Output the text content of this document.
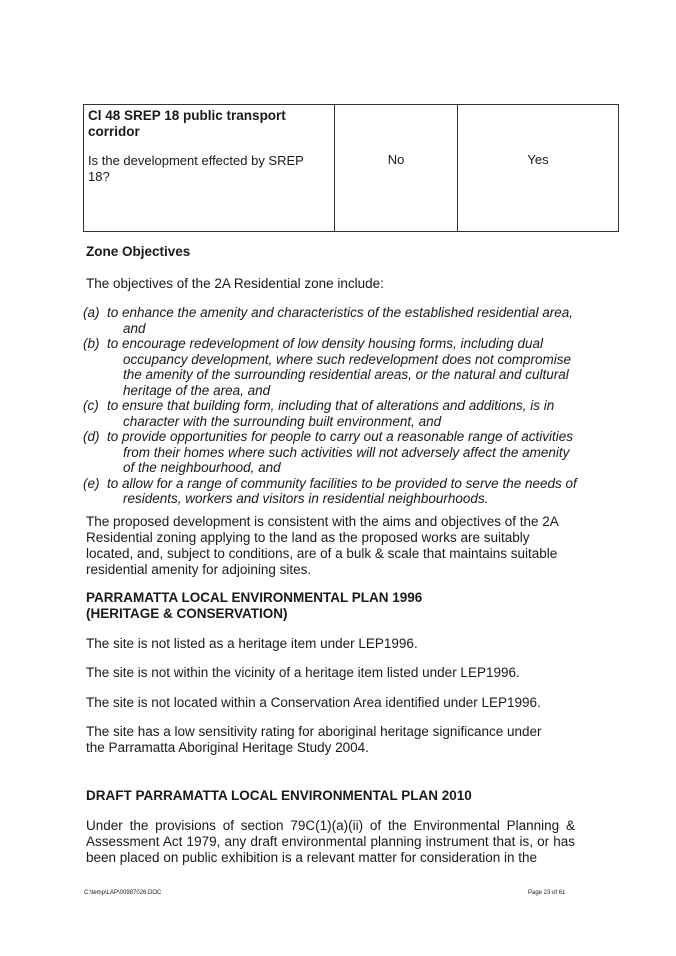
Cl 48 SREP 18 public transport corridor
Is the development effected by SREP 18?

No	Yes
Zone Objectives
The objectives of the 2A Residential zone include:
(a) to enhance the amenity and characteristics of the established residential area,
and
(b) to encourage redevelopment of low density housing forms, including dual
occupancy development, where such redevelopment does not compromise the amenity of the surrounding residential areas, or the natural and cultural heritage of the area, and
(c) to ensure that building form, including that of alterations and additions, is in
character with the surrounding built environment, and
(d) to provide opportunities for people to carry out a reasonable range of activities
from their homes where such activities will not adversely affect the amenity of the neighbourhood, and
(e) to allow for a range of community facilities to be provided to serve the needs of
residents, workers and visitors in residential neighbourhoods.
The proposed development is consistent with the aims and objectives of the 2A Residential zoning applying to the land as the proposed works are suitably located, and, subject to conditions, are of a bulk & scale that maintains suitable residential amenity for adjoining sites.
PARRAMATTA LOCAL ENVIRONMENTAL PLAN 1996
(HERITAGE & CONSERVATION)
The site is not listed as a heritage item under LEP1996.
The site is not within the vicinity of a heritage item listed under LEP1996.
The site is not located within a Conservation Area identified under LEP1996.
The site has a low sensitivity rating for aboriginal heritage significance under the Parramatta Aboriginal Heritage Study 2004.
DRAFT PARRAMATTA LOCAL ENVIRONMENTAL PLAN 2010
Under the provisions of section 79C(1)(a)(ii) of the Environmental Planning & Assessment Act 1979, any draft environmental planning instrument that is, or has been placed on public exhibition is a relevant matter for consideration in the
C:\temp\LAP\00987026.DOC	Page 23 of 61
